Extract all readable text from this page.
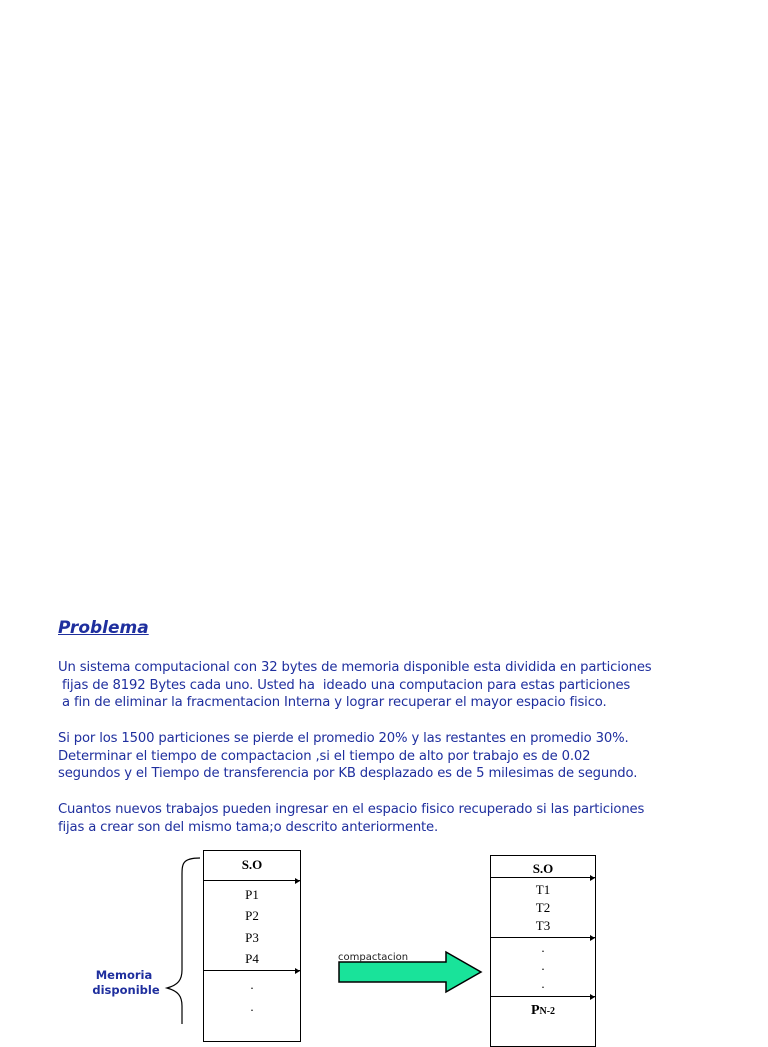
Problema
Un sistema computacional con 32 bytes de memoria disponible esta dividida en particiones
fijas de 8192 Bytes cada uno. Usted ha  ideado una computacion para estas particiones
a fin de eliminar la fracmentacion Interna y lograr recuperar el mayor espacio fisico.
Si por los 1500 particiones se pierde el promedio 20% y las restantes en promedio 30%.
Determinar el tiempo de compactacion ,si el tiempo de alto por trabajo es de 0.02
segundos y el Tiempo de transferencia por KB desplazado es de 5 milesimas de segundo.
Cuantos nuevos trabajos pueden ingresar en el espacio fisico recuperado si las particiones
fijas a crear son del mismo tama;o descrito anteriormente.
Memoria
disponible
compactacion
S.O
P1
P2
P3
P4
.
.
S.O
T1
T2
T3
.
.
.
PN-2
